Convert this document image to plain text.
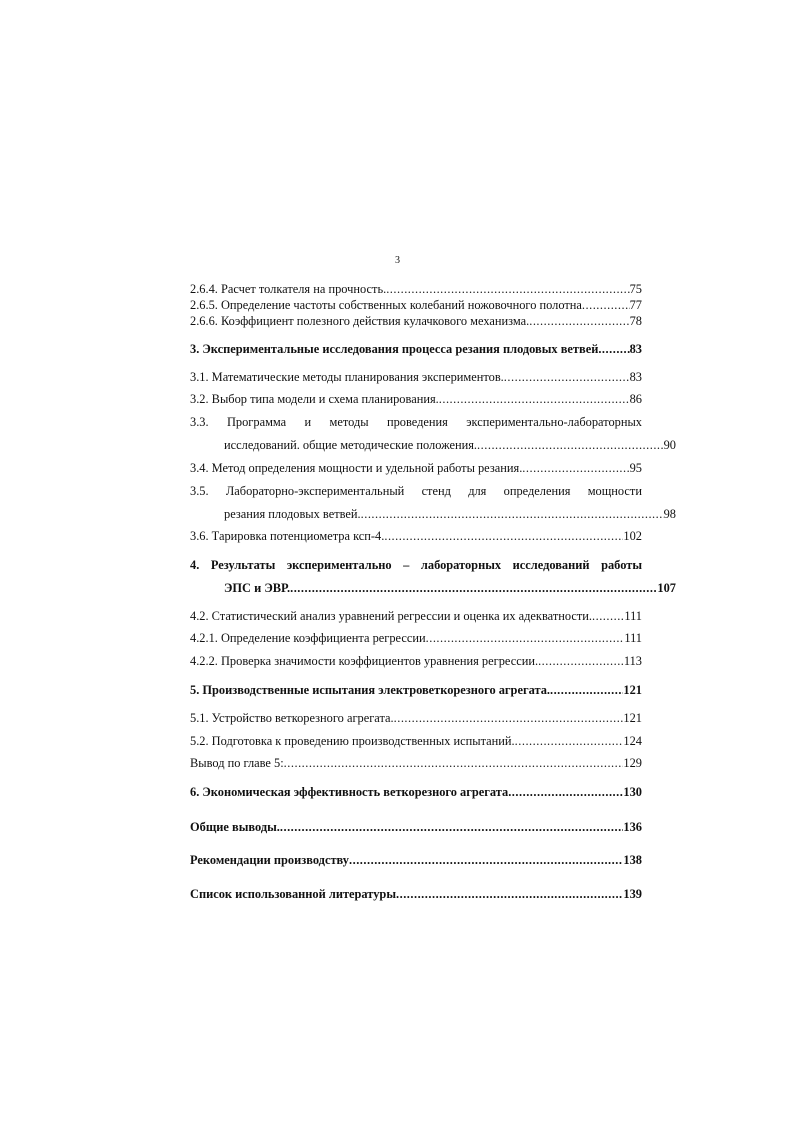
3
2.6.4. Расчет толкателя на прочность. .....	75
2.6.5. Определение частоты собственных колебаний ножовочного полотна .....	77
2.6.6. Коэффициент полезного действия кулачкового механизма. .....	78
3. Экспериментальные исследования процесса резания плодовых ветвей .....	83
3.1. Математические методы планирования экспериментов. .....	83
3.2. Выбор типа модели и схема планирования. .....	86
3.3. Программа и методы проведения экспериментально-лабораторных
исследований. общие методические положения. .....	90
3.4. Метод определения мощности и удельной работы резания. .....	95
3.5. Лабораторно-экспериментальный стенд для определения мощности
резания плодовых ветвей. .....	98
3.6. Тарировка потенциометра ксп-4. .....	102
4. Результаты экспериментально – лабораторных исследований работы
ЭПС и ЭВР. .....	107
4.2. Статистический анализ уравнений регрессии и оценка их адекватности. .....	111
4.2.1. Определение коэффициента регрессии .....	111
4.2.2. Проверка значимости коэффициентов уравнения регрессии. .....	113
5. Производственные испытания электроветкорезного агрегата. .....	121
5.1. Устройство веткорезного агрегата. .....	121
5.2. Подготовка к проведению производственных испытаний. .....	124
Вывод по главе 5: .....	129
6. Экономическая эффективность веткорезного агрегата .....	130
Общие выводы. .....	136
Рекомендации производству .....	138
Список использованной литературы .....	139
